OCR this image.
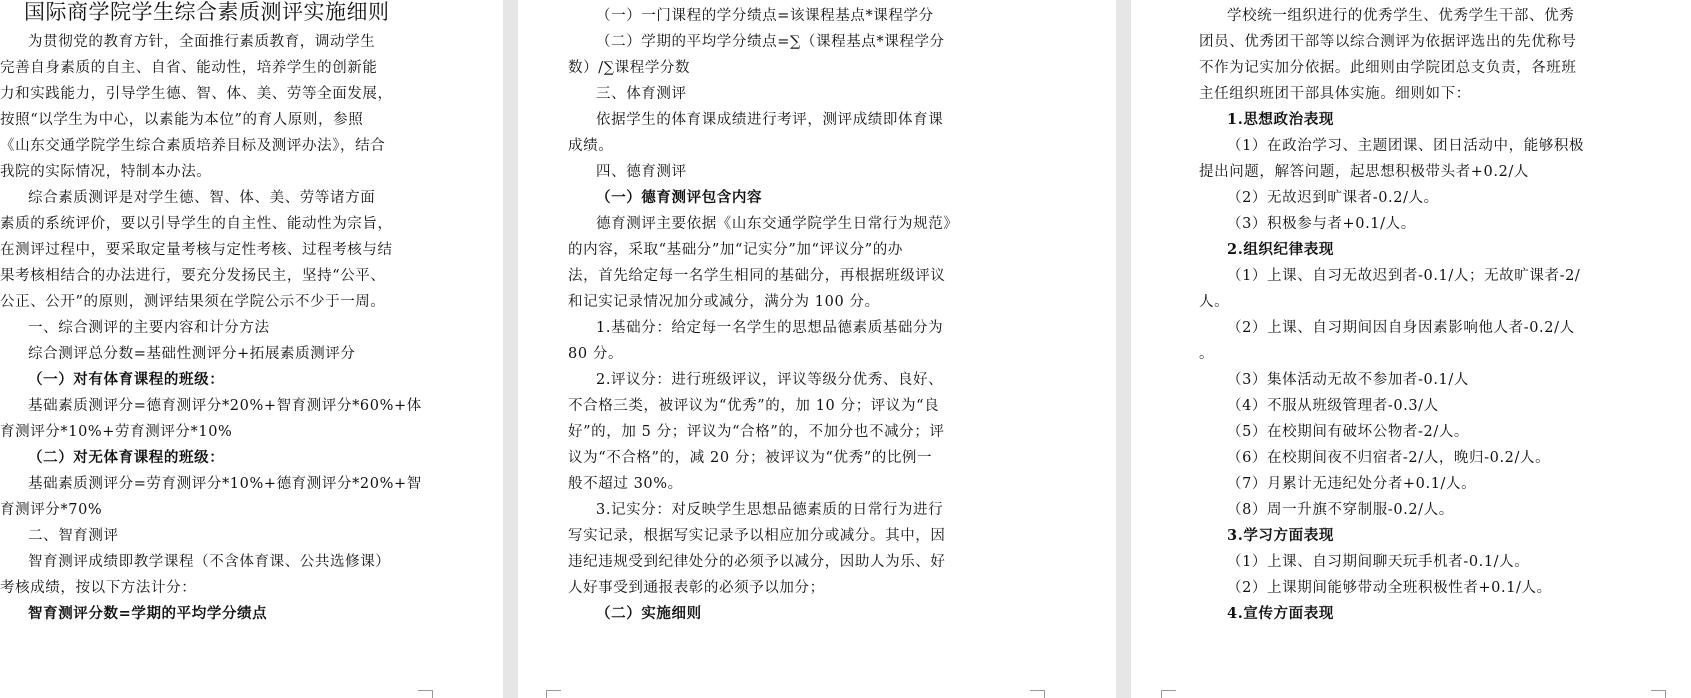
国际商学院学生综合素质测评实施细则
为贯彻党的教育方针，全面推行素质教育，调动学生
完善自身素质的自主、自省、能动性，培养学生的创新能
力和实践能力，引导学生德、智、体、美、劳等全面发展，
按照“以学生为中心，以素能为本位”的育人原则，参照
《山东交通学院学生综合素质培养目标及测评办法》，结合
我院的实际情况，特制本办法。
综合素质测评是对学生德、智、体、美、劳等诸方面
素质的系统评价，要以引导学生的自主性、能动性为宗旨，
在测评过程中，要采取定量考核与定性考核、过程考核与结
果考核相结合的办法进行，要充分发扬民主，坚持“公平、
公正、公开”的原则，测评结果须在学院公示不少于一周。
一、综合测评的主要内容和计分方法
综合测评总分数=基础性测评分+拓展素质测评分
（一）对有体育课程的班级：
基础素质测评分=德育测评分*20%+智育测评分*60%+体
育测评分*10%+劳育测评分*10%
（二）对无体育课程的班级：
基础素质测评分=劳育测评分*10%+德育测评分*20%+智
育测评分*70%
二、智育测评
智育测评成绩即教学课程（不含体育课、公共选修课）
考核成绩，按以下方法计分：
智育测评分数=学期的平均学分绩点
（一）一门课程的学分绩点=该课程基点*课程学分
（二）学期的平均学分绩点=∑（课程基点*课程学分
数）/∑课程学分数
三、体育测评
依据学生的体育课成绩进行考评，测评成绩即体育课
成绩。
四、德育测评
（一）德育测评包含内容
德育测评主要依据《山东交通学院学生日常行为规范》
的内容，采取“基础分”加“记实分”加“评议分”的办
法，首先给定每一名学生相同的基础分，再根据班级评议
和记实记录情况加分或减分，满分为 100 分。
1.基础分：给定每一名学生的思想品德素质基础分为
80 分。
2.评议分：进行班级评议，评议等级分优秀、良好、
不合格三类，被评议为“优秀”的，加 10 分；评议为“良
好”的，加 5 分；评议为“合格”的，不加分也不减分；评
议为“不合格”的，减 20 分；被评议为“优秀”的比例一
般不超过 30%。
3.记实分：对反映学生思想品德素质的日常行为进行
写实记录，根据写实记录予以相应加分或减分。其中，因
违纪违规受到纪律处分的必须予以减分，因助人为乐、好
人好事受到通报表彰的必须予以加分；
（二）实施细则
学校统一组织进行的优秀学生、优秀学生干部、优秀
团员、优秀团干部等以综合测评为依据评选出的先优称号
不作为记实加分依据。此细则由学院团总支负责，各班班
主任组织班团干部具体实施。细则如下：
1.思想政治表现
（1）在政治学习、主题团课、团日活动中，能够积极
提出问题，解答问题，起思想积极带头者+0.2/人
（2）无故迟到旷课者-0.2/人。
（3）积极参与者+0.1/人。
2.组织纪律表现
（1）上课、自习无故迟到者-0.1/人；无故旷课者-2/
人。
（2）上课、自习期间因自身因素影响他人者-0.2/人
。
（3）集体活动无故不参加者-0.1/人
（4）不服从班级管理者-0.3/人
（5）在校期间有破坏公物者-2/人。
（6）在校期间夜不归宿者-2/人，晚归-0.2/人。
（7）月累计无违纪处分者+0.1/人。
（8）周一升旗不穿制服-0.2/人。
3.学习方面表现
（1）上课、自习期间聊天玩手机者-0.1/人。
（2）上课期间能够带动全班积极性者+0.1/人。
4.宣传方面表现
